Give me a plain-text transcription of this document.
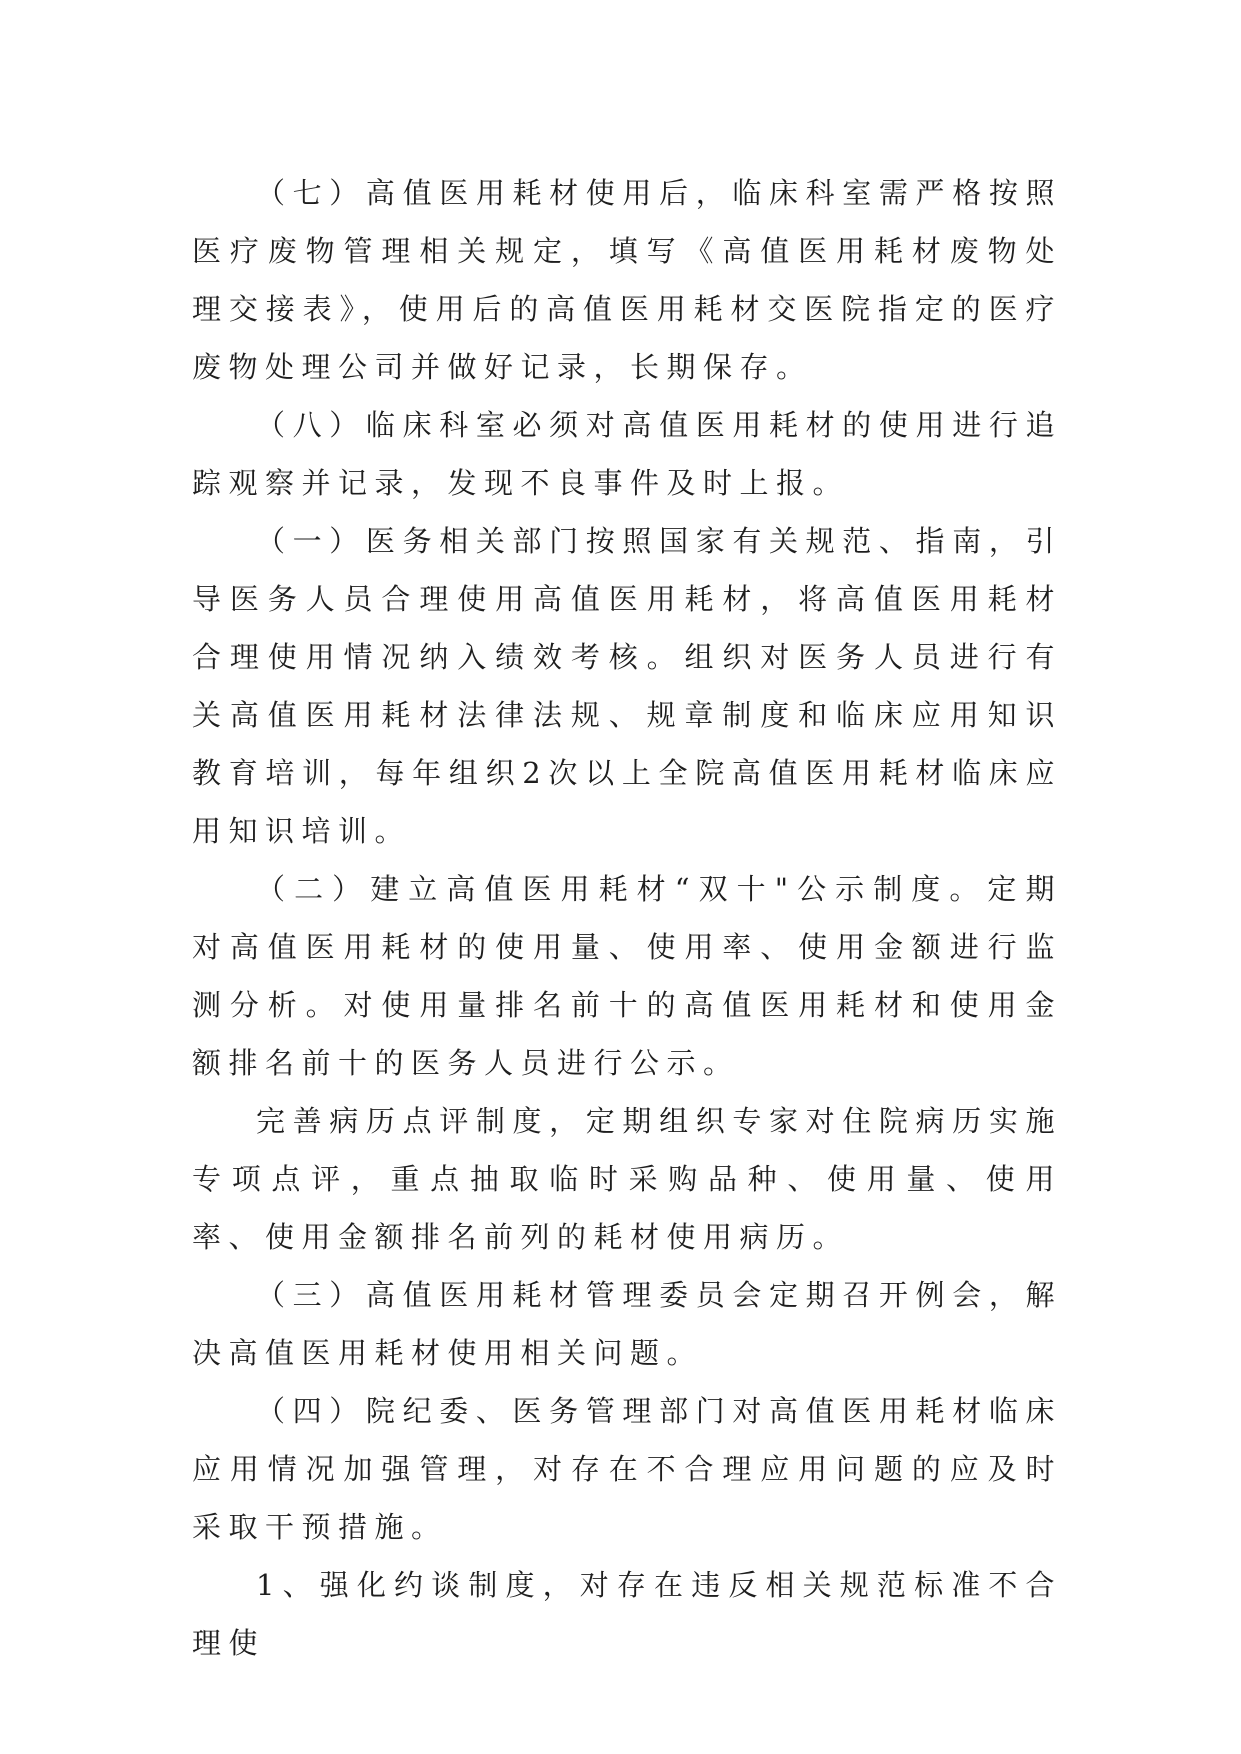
（七）高值医用耗材使用后，临床科室需严格按照医疗废物管理相关规定，填写《高值医用耗材废物处理交接表》，使用后的高值医用耗材交医院指定的医疗废物处理公司并做好记录，长期保存。

（八）临床科室必须对高值医用耗材的使用进行追踪观察并记录，发现不良事件及时上报。

（一）医务相关部门按照国家有关规范、指南，引导医务人员合理使用高值医用耗材，将高值医用耗材合理使用情况纳入绩效考核。组织对医务人员进行有关高值医用耗材法律法规、规章制度和临床应用知识教育培训，每年组织2次以上全院高值医用耗材临床应用知识培训。

（二）建立高值医用耗材“双十"公示制度。定期对高值医用耗材的使用量、使用率、使用金额进行监测分析。对使用量排名前十的高值医用耗材和使用金额排名前十的医务人员进行公示。

完善病历点评制度，定期组织专家对住院病历实施专项点评，重点抽取临时采购品种、使用量、使用率、使用金额排名前列的耗材使用病历。

（三）高值医用耗材管理委员会定期召开例会，解决高值医用耗材使用相关问题。

（四）院纪委、医务管理部门对高值医用耗材临床应用情况加强管理，对存在不合理应用问题的应及时采取干预措施。

1、强化约谈制度，对存在违反相关规范标准不合理使
